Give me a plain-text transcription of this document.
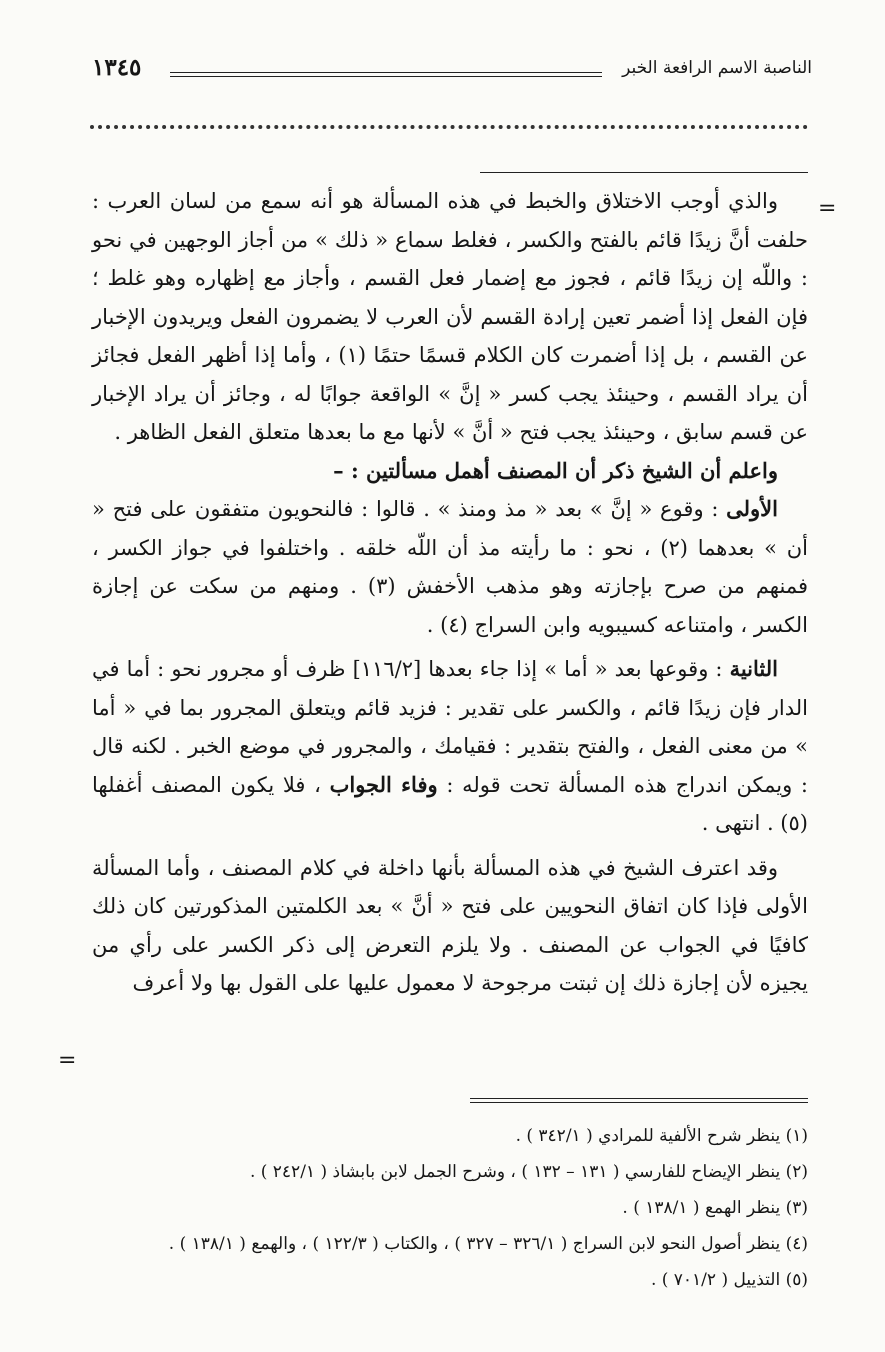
الناصبة الاسم الرافعة الخبر
١٣٤٥
=
=

والذي أوجب الاختلاق والخبط في هذه المسألة هو أنه سمع من لسان العرب : حلفت أنَّ زيدًا قائم بالفتح والكسر ، فغلط سماع « ذلك » من أجاز الوجهين في نحو : واللّه إن زيدًا قائم ، فجوز مع إضمار فعل القسم ، وأجاز مع إظهاره وهو غلط ؛ فإن الفعل إذا أضمر تعين إرادة القسم لأن العرب لا يضمرون الفعل ويريدون الإخبار عن القسم ، بل إذا أضمرت كان الكلام قسمًا حتمًا (١) ، وأما إذا أظهر الفعل فجائز أن يراد القسم ، وحينئذ يجب كسر « إنَّ » الواقعة جوابًا له ، وجائز أن يراد الإخبار عن قسم سابق ، وحينئذ يجب فتح « أنَّ » لأنها مع ما بعدها متعلق الفعل الظاهر .

واعلم أن الشيخ ذكر أن المصنف أهمل مسألتين : –

الأولى : وقوع « إنَّ » بعد « مذ ومنذ » . قالوا : فالنحويون متفقون على فتح « أن » بعدهما (٢) ، نحو : ما رأيته مذ أن اللّه خلقه . واختلفوا في جواز الكسر ، فمنهم من صرح بإجازته وهو مذهب الأخفش (٣) . ومنهم من سكت عن إجازة الكسر ، وامتناعه كسيبويه وابن السراج (٤) .

الثانية : وقوعها بعد « أما » إذا جاء بعدها [١١٦/٢] ظرف أو مجرور نحو : أما في الدار فإن زيدًا قائم ، والكسر على تقدير : فزيد قائم ويتعلق المجرور بما في « أما » من معنى الفعل ، والفتح بتقدير : فقيامك ، والمجرور في موضع الخبر . لكنه قال : ويمكن اندراج هذه المسألة تحت قوله : وفاء الجواب ، فلا يكون المصنف أغفلها (٥) . انتهى .

وقد اعترف الشيخ في هذه المسألة بأنها داخلة في كلام المصنف ، وأما المسألة الأولى فإذا كان اتفاق النحويين على فتح « أنَّ » بعد الكلمتين المذكورتين كان ذلك كافيًا في الجواب عن المصنف . ولا يلزم التعرض إلى ذكر الكسر على رأي من يجيزه لأن إجازة ذلك إن ثبتت مرجوحة لا معمول عليها على القول بها ولا أعرف

(١) ينظر شرح الألفية للمرادي ( ٣٤٢/١ ) .
(٢) ينظر الإيضاح للفارسي ( ١٣١ – ١٣٢ ) ، وشرح الجمل لابن بابشاذ ( ٢٤٢/١ ) .
(٣) ينظر الهمع ( ١٣٨/١ ) .
(٤) ينظر أصول النحو لابن السراج ( ٣٢٦/١ – ٣٢٧ ) ، والكتاب ( ١٢٢/٣ ) ، والهمع ( ١٣٨/١ ) .
(٥) التذييل ( ٧٠١/٢ ) .
